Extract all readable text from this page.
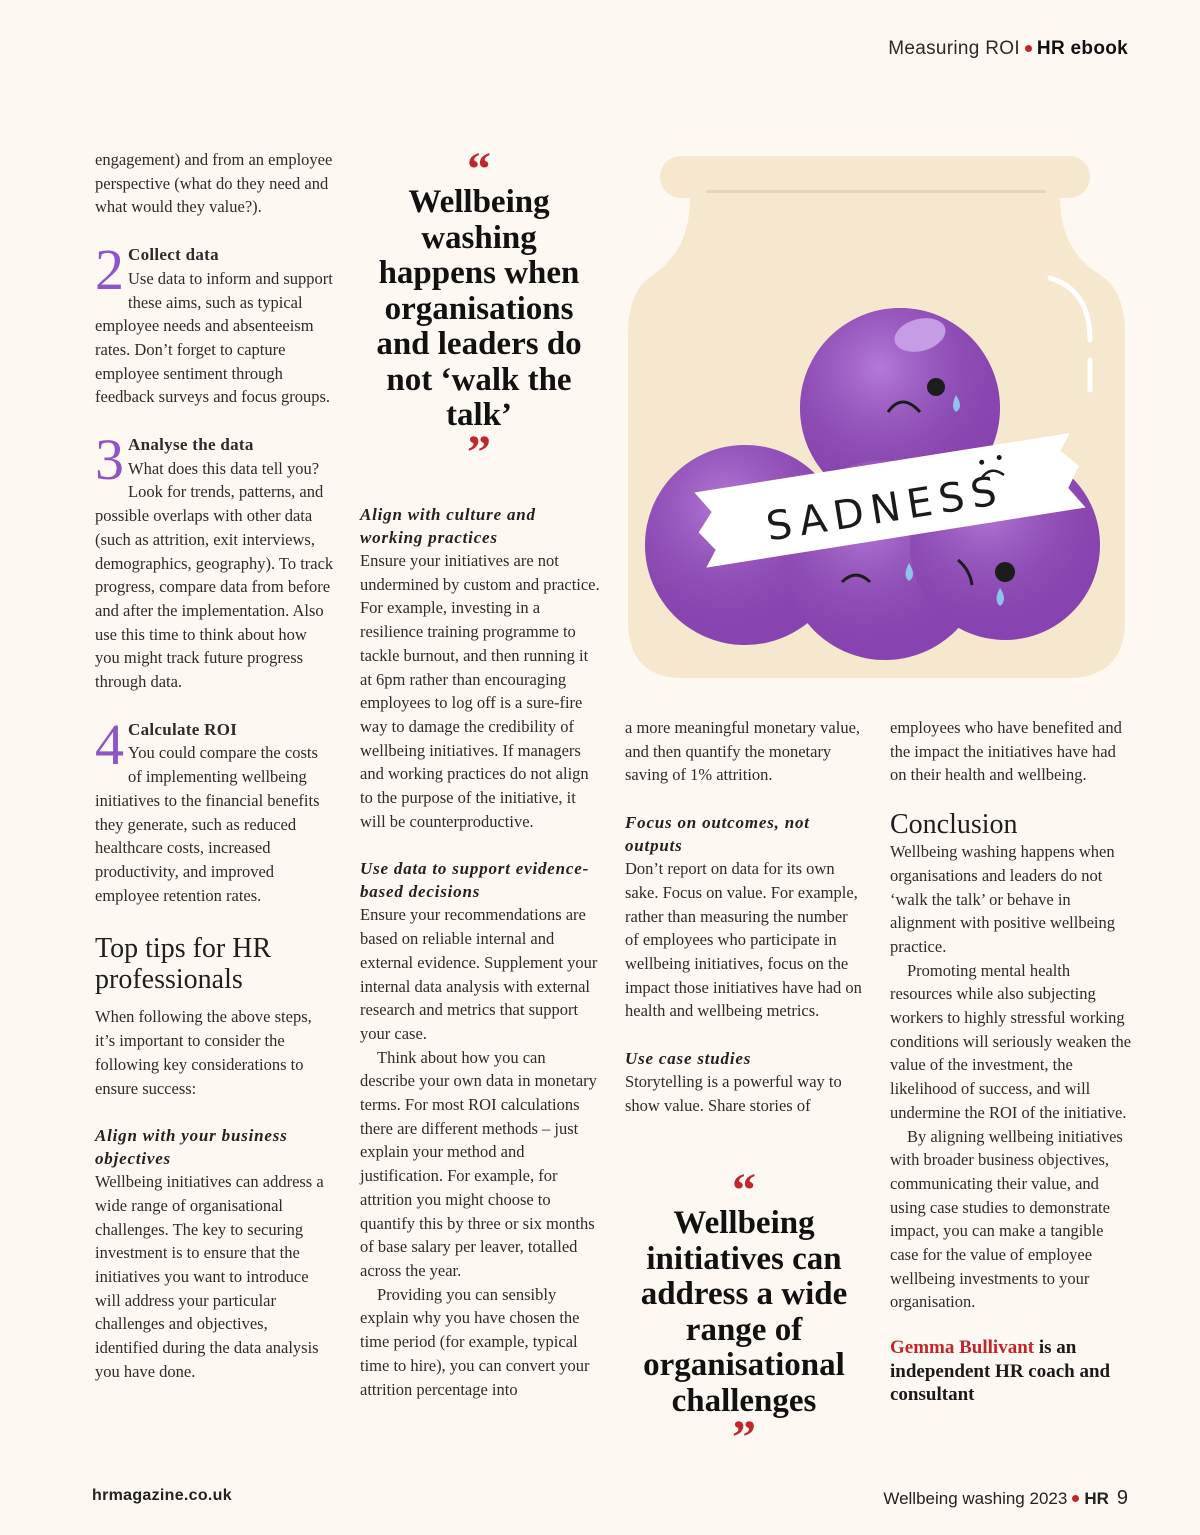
Measuring ROI HR ebook

engagement) and from an employee perspective (what do they need and what would they value?).

2 Collect data
Use data to inform and support these aims, such as typical employee needs and absenteeism rates. Don’t forget to capture employee sentiment through feedback surveys and focus groups.
3 Analyse the data
What does this data tell you? Look for trends, patterns, and possible overlaps with other data (such as attrition, exit interviews, demographics, geography). To track progress, compare data from before and after the implementation. Also use this time to think about how you might track future progress through data.
4 Calculate ROI
You could compare the costs of implementing wellbeing initiatives to the financial benefits they generate, such as reduced healthcare costs, increased productivity, and improved employee retention rates.
Top tips for HR professionals

When following the above steps, it’s important to consider the following key considerations to ensure success:

Align with your business objectives

Wellbeing initiatives can address a wide range of organisational challenges. The key to securing investment is to ensure that the initiatives you want to introduce will address your particular challenges and objectives, identified during the data analysis you have done.

“
Wellbeing washing happens when organisations and leaders do not ‘walk the talk’
”
Align with culture and working practices

Ensure your initiatives are not undermined by custom and practice. For example, investing in a resilience training programme to tackle burnout, and then running it at 6pm rather than encouraging employees to log off is a sure-fire way to damage the credibility of wellbeing initiatives. If managers and working practices do not align to the purpose of the initiative, it will be counterproductive.

Use data to support evidence-based decisions

Ensure your recommendations are based on reliable internal and external evidence. Supplement your internal data analysis with external research and metrics that support your case.

Think about how you can describe your own data in monetary terms. For most ROI calculations there are different methods – just explain your method and justification. For example, for attrition you might choose to quantify this by three or six months of base salary per leaver, totalled across the year.

Providing you can sensibly explain why you have chosen the time period (for example, typical time to hire), you can convert your attrition percentage into

SADNESS

a more meaningful monetary value, and then quantify the monetary saving of 1% attrition.

Focus on outcomes, not outputs

Don’t report on data for its own sake. Focus on value. For example, rather than measuring the number of employees who participate in wellbeing initiatives, focus on the impact those initiatives have had on health and wellbeing metrics.

Use case studies

Storytelling is a powerful way to show value. Share stories of

“
Wellbeing initiatives can address a wide range of organisational challenges
”

employees who have benefited and the impact the initiatives have had on their health and wellbeing.

Conclusion

Wellbeing washing happens when organisations and leaders do not ‘walk the talk’ or behave in alignment with positive wellbeing practice.

Promoting mental health resources while also subjecting workers to highly stressful working conditions will seriously weaken the value of the investment, the likelihood of success, and will undermine the ROI of the initiative.

By aligning wellbeing initiatives with broader business objectives, communicating their value, and using case studies to demonstrate impact, you can make a tangible case for the value of employee wellbeing investments to your organisation.

Gemma Bullivant is an independent HR coach and consultant
hrmagazine.co.uk	Wellbeing washing 2023 HR 9
